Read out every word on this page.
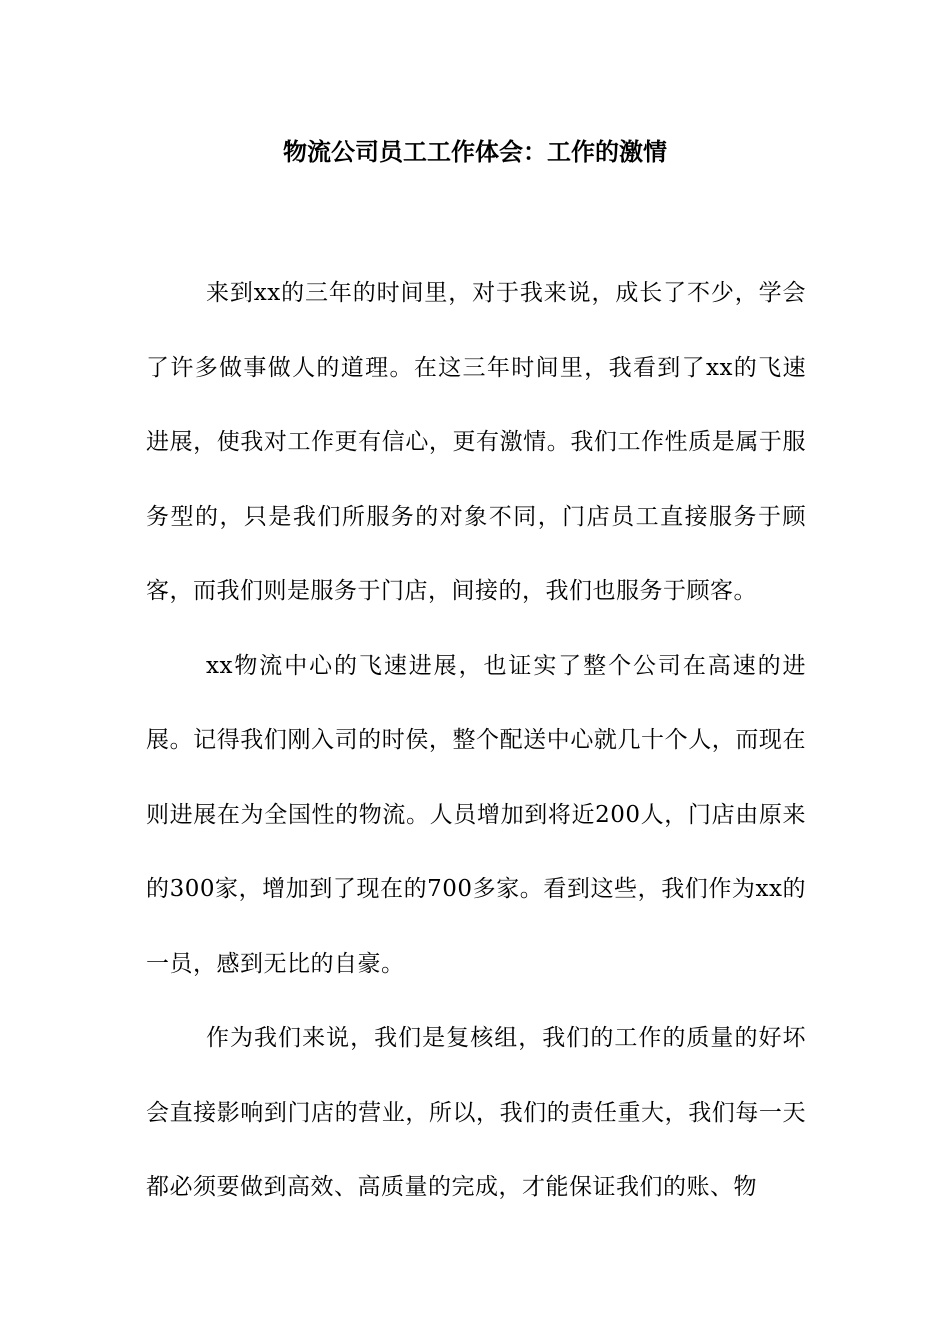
物流公司员工工作体会：工作的激情

来到xx的三年的时间里，对于我来说，成长了不少，学会了许多做事做人的道理。在这三年时间里，我看到了xx的飞速进展，使我对工作更有信心，更有激情。我们工作性质是属于服务型的，只是我们所服务的对象不同，门店员工直接服务于顾客，而我们则是服务于门店，间接的，我们也服务于顾客。

xx物流中心的飞速进展，也证实了整个公司在高速的进展。记得我们刚入司的时侯，整个配送中心就几十个人，而现在则进展在为全国性的物流。人员增加到将近200人，门店由原来的300家，增加到了现在的700多家。看到这些，我们作为xx的一员，感到无比的自豪。

作为我们来说，我们是复核组，我们的工作的质量的好坏会直接影响到门店的营业，所以，我们的责任重大，我们每一天都必须要做到高效、高质量的完成，才能保证我们的账、物
